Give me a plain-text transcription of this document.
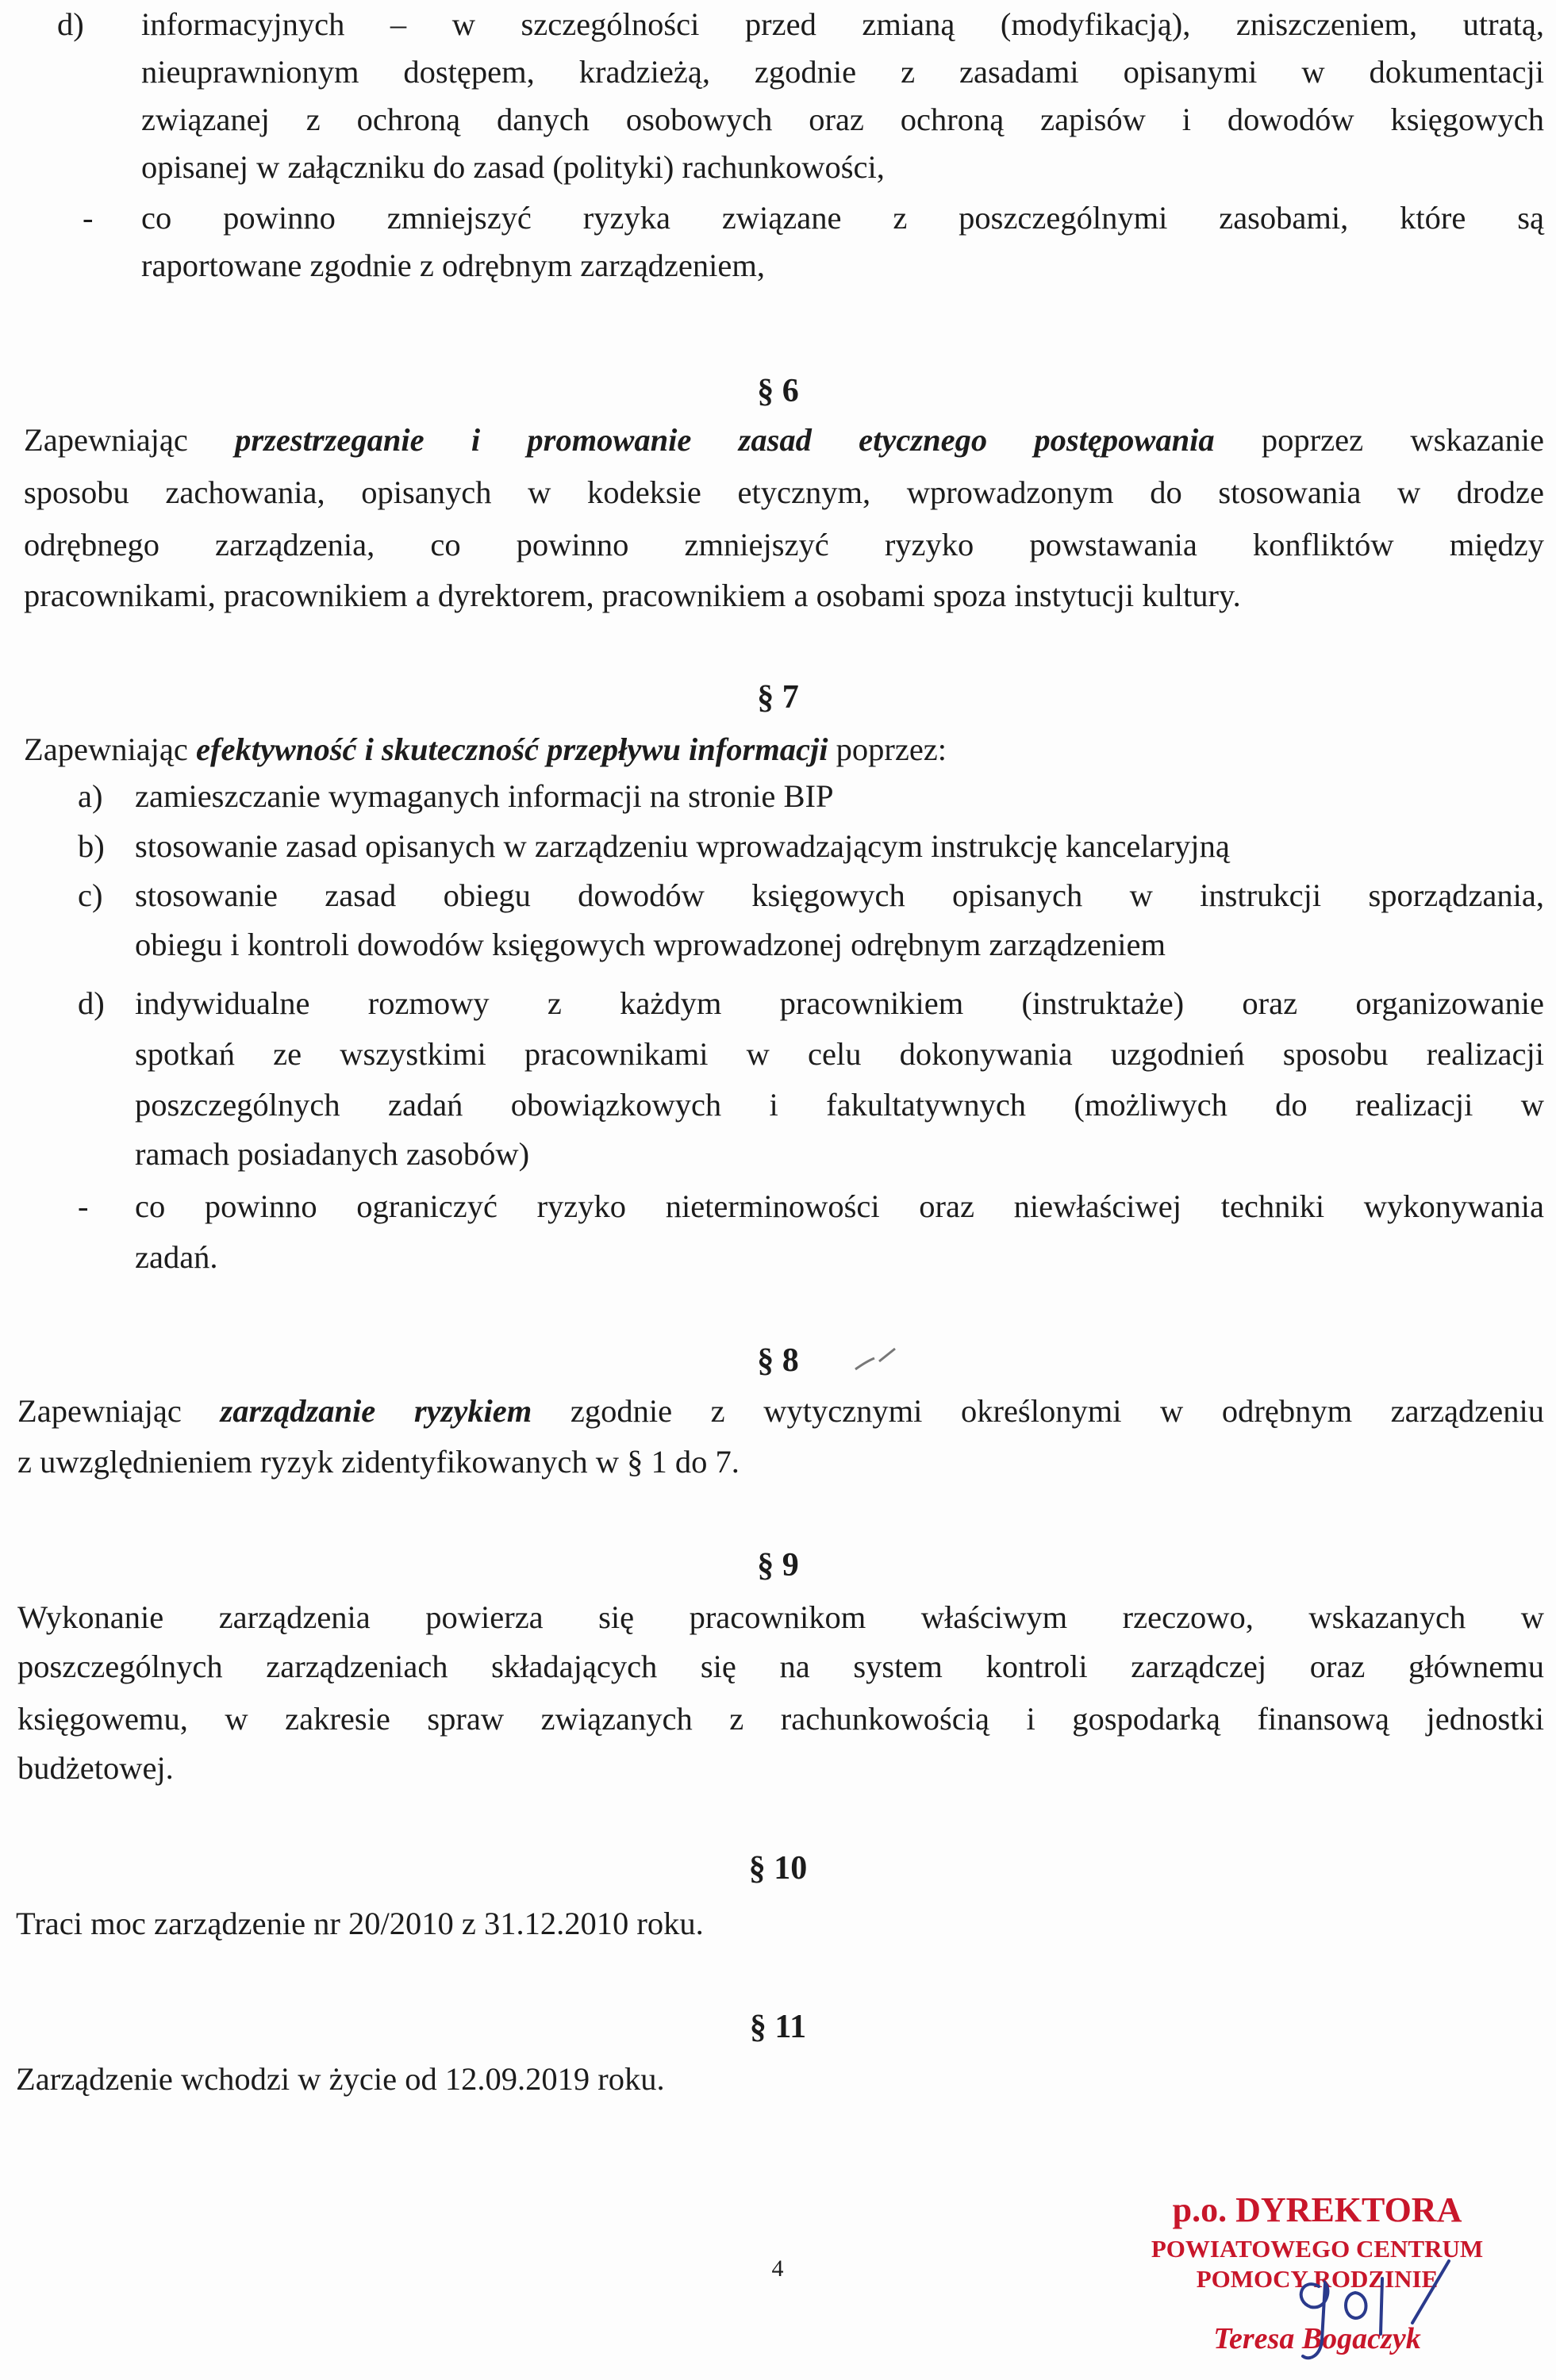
d) informacyjnych – w szczególności przed zmianą (modyfikacją), zniszczeniem, utratą,

nieuprawnionym dostępem, kradzieżą, zgodnie z zasadami opisanymi w dokumentacji

związanej z ochroną danych osobowych oraz ochroną zapisów i dowodów księgowych

opisanej w załączniku do zasad (polityki) rachunkowości,

- co powinno zmniejszyć ryzyka związane z poszczególnymi zasobami, które są

raportowane zgodnie z odrębnym zarządzeniem,

§ 6

Zapewniając przestrzeganie i promowanie zasad etycznego postępowania poprzez wskazanie

sposobu zachowania, opisanych w kodeksie etycznym, wprowadzonym do stosowania w drodze

odrębnego zarządzenia, co powinno zmniejszyć ryzyko powstawania konfliktów między

pracownikami, pracownikiem a dyrektorem, pracownikiem a osobami spoza instytucji kultury.

§ 7

Zapewniając efektywność i skuteczność przepływu informacji poprzez:

a) zamieszczanie wymaganych informacji na stronie BIP

b) stosowanie zasad opisanych w zarządzeniu wprowadzającym instrukcję kancelaryjną

c) stosowanie zasad obiegu dowodów księgowych opisanych w instrukcji sporządzania,

obiegu i kontroli dowodów księgowych wprowadzonej odrębnym zarządzeniem

d) indywidualne rozmowy z każdym pracownikiem (instruktaże) oraz organizowanie

spotkań ze wszystkimi pracownikami w celu dokonywania uzgodnień sposobu realizacji

poszczególnych zadań obowiązkowych i fakultatywnych (możliwych do realizacji w

ramach posiadanych zasobów)

- co powinno ograniczyć ryzyko nieterminowości oraz niewłaściwej techniki wykonywania

zadań.

§ 8

Zapewniając zarządzanie ryzykiem zgodnie z wytycznymi określonymi w odrębnym zarządzeniu

z uwzględnieniem ryzyk zidentyfikowanych w § 1 do 7.

§ 9

Wykonanie zarządzenia powierza się pracownikom właściwym rzeczowo, wskazanych w

poszczególnych zarządzeniach składających się na system kontroli zarządczej oraz głównemu

księgowemu, w zakresie spraw związanych z rachunkowością i gospodarką finansową jednostki

budżetowej.

§ 10

Traci moc zarządzenie nr 20/2010 z 31.12.2010 roku.

§ 11

Zarządzenie wchodzi w życie od 12.09.2019 roku.

4
p.o. DYREKTORA
POWIATOWEGO CENTRUM
POMOCY RODZINIE
Teresa Bogaczyk
